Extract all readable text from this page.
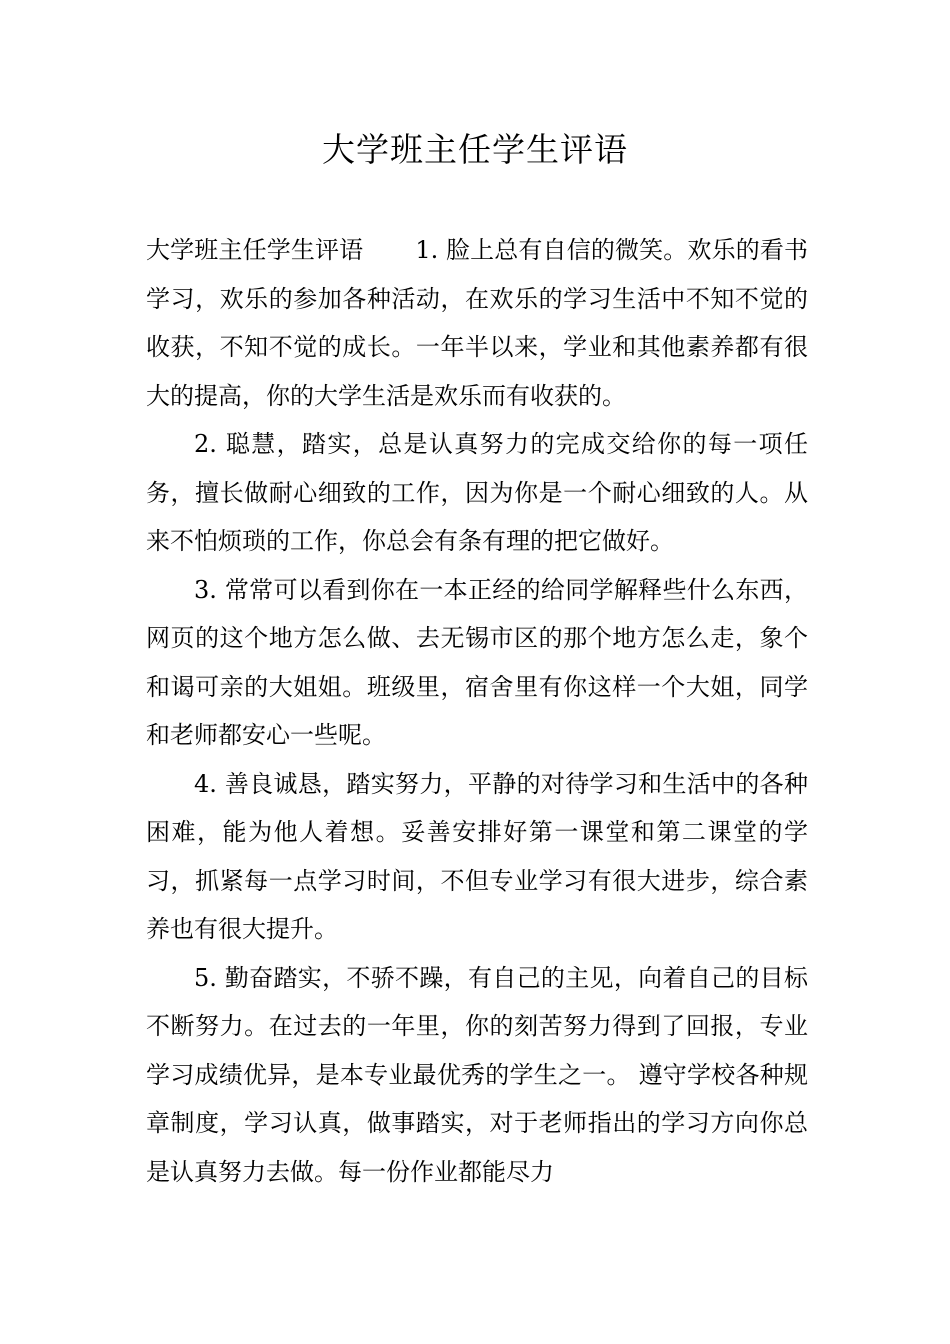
大学班主任学生评语

大学班主任学生评语 1. 脸上总有自信的微笑。欢乐的看书学习，欢乐的参加各种活动，在欢乐的学习生活中不知不觉的收获，不知不觉的成长。一年半以来，学业和其他素养都有很大的提高，你的大学生活是欢乐而有收获的。

2. 聪慧，踏实，总是认真努力的完成交给你的每一项任务，擅长做耐心细致的工作，因为你是一个耐心细致的人。从来不怕烦琐的工作，你总会有条有理的把它做好。

3. 常常可以看到你在一本正经的给同学解释些什么东西，网页的这个地方怎么做、去无锡市区的那个地方怎么走，象个和谒可亲的大姐姐。班级里，宿舍里有你这样一个大姐，同学和老师都安心一些呢。

4. 善良诚恳，踏实努力，平静的对待学习和生活中的各种困难，能为他人着想。妥善安排好第一课堂和第二课堂的学习，抓紧每一点学习时间，不但专业学习有很大进步，综合素养也有很大提升。

5. 勤奋踏实，不骄不躁，有自己的主见，向着自己的目标不断努力。在过去的一年里，你的刻苦努力得到了回报，专业学习成绩优异，是本专业最优秀的学生之一。 遵守学校各种规章制度，学习认真，做事踏实，对于老师指出的学习方向你总是认真努力去做。每一份作业都能尽力
